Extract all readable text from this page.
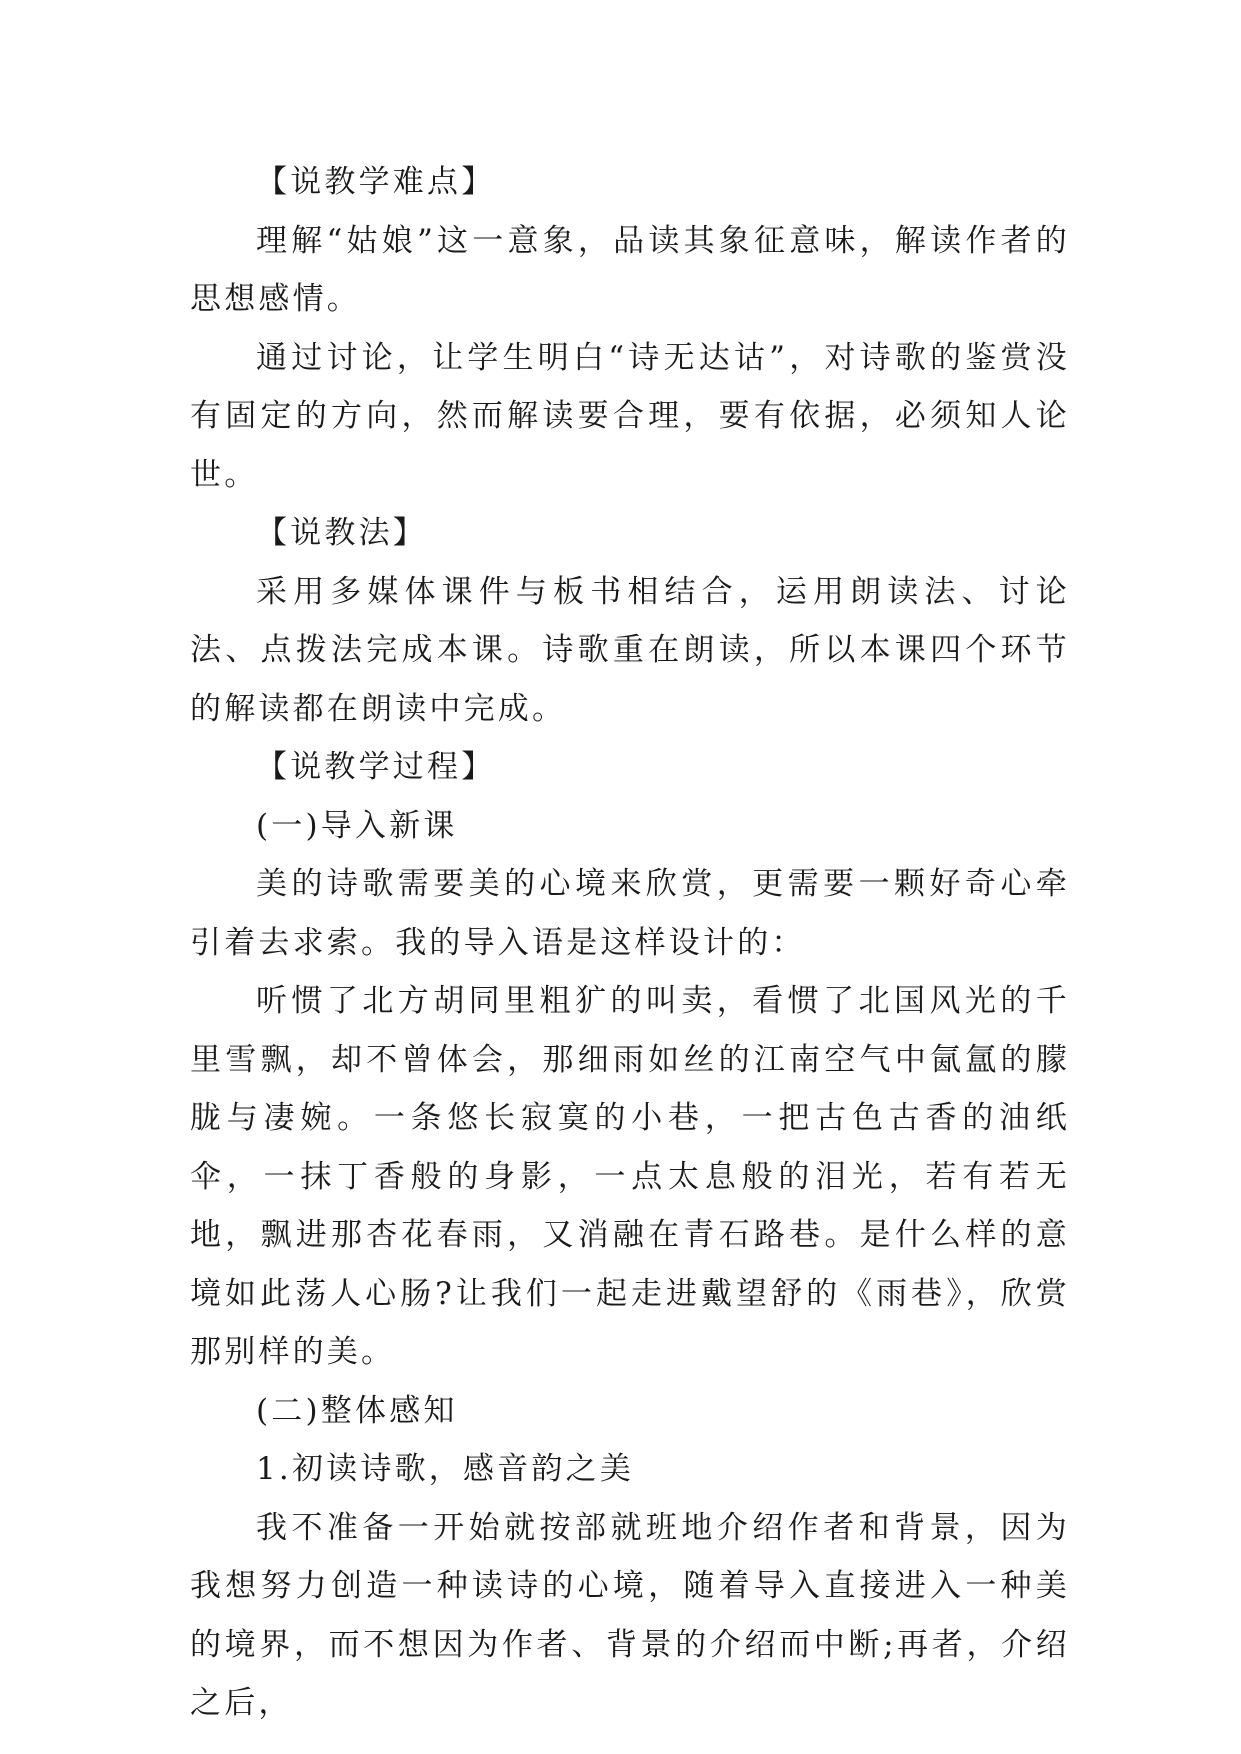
【说教学难点】

理解“姑娘”这一意象，品读其象征意味，解读作者的思想感情。

通过讨论，让学生明白“诗无达诂”，对诗歌的鉴赏没有固定的方向，然而解读要合理，要有依据，必须知人论世。

【说教法】

采用多媒体课件与板书相结合，运用朗读法、讨论法、点拨法完成本课。诗歌重在朗读，所以本课四个环节的解读都在朗读中完成。

【说教学过程】

(一)导入新课

美的诗歌需要美的心境来欣赏，更需要一颗好奇心牵引着去求索。我的导入语是这样设计的：

听惯了北方胡同里粗犷的叫卖，看惯了北国风光的千里雪飘，却不曾体会，那细雨如丝的江南空气中氤氲的朦胧与凄婉。一条悠长寂寞的小巷，一把古色古香的油纸伞，一抹丁香般的身影，一点太息般的泪光，若有若无地，飘进那杏花春雨，又消融在青石路巷。是什么样的意境如此荡人心肠?让我们一起走进戴望舒的《雨巷》，欣赏那别样的美。

(二)整体感知

1.初读诗歌，感音韵之美

我不准备一开始就按部就班地介绍作者和背景，因为我想努力创造一种读诗的心境，随着导入直接进入一种美的境界，而不想因为作者、背景的介绍而中断;再者，介绍之后，
